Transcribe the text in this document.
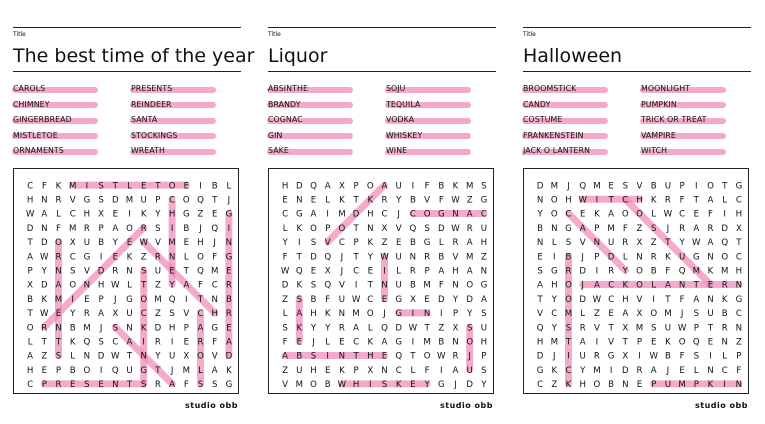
Title
The best time of the year
CAROLS
CHIMNEY
GINGERBREAD
MISTLETOE
ORNAMENTS
PRESENTS
REINDEER
SANTA
STOCKINGS
WREATH
C F K M I S T L E T O E I B L
H N R V G S D M U P C O Q T J
W A L C H X E I K Y H G Z E G
D N F M R P A O R S I B J Q I
T D O X U B Y E W V M E H J N
A W R C G I E K Z R N L O F G
P Y N S V D R N S U E T Q M E
X D A O N H W L T Z Y A F C R
B K M I E P J G O M Q I T N B
T W E Y R A X U C Z S V C H R
O R N B M J S N K D H P A G E
L T T K Q S C A I R I E R F A
A Z S L N D W T N Y U X O V D
H E P B O I Q U G T J M L A K
C P R E S E N T S R A F S S G
studio obb
Title
Liquor
ABSINTHE
BRANDY
COGNAC
GIN
SAKE
SOJU
TEQUILA
VODKA
WHISKEY
WINE
H D Q A X P O A U I F B K M S
E N E L K T K R Y B V F W Z G
C G A I M D H C J C O G N A C
L K O P O T N X V Q S D W R U
Y I S V C P K Z E B G L R A H
F T D Q J T Y W U N R B V M Z
W Q E X J C E I L R P A H A N
D K S Q V I T N U B M F N O G
Z S B F U W C E G X E D Y D A
L A H K N M O J G I N I P Y S
S K Y Y R A L Q D W T Z X S U
F E J L E C K A G I M B N O H
A B S I N T H E Q T O W R J P
Z U H E K P X N C L F I A U S
V M O B W H I S K E Y G J D Y
studio obb
Title
Halloween
BROOMSTICK
CANDY
COSTUME
FRANKENSTEIN
JACK O LANTERN
MOONLIGHT
PUMPKIN
TRICK OR TREAT
VAMPIRE
WITCH
D M J Q M E S V B U P I O T G
N O H W I T C H K R F T A L C
Y O C E K A O O L W C E F I H
B N G A P M F Z S J R A R D X
N L S V N U R X Z T Y W A Q T
E I B J P D L N R K U G N O C
S G R D I R Y O B F Q M K M H
A H O J A C K O L A N T E R N
T Y O D W C H V I T F A N K G
V C M L Z E A X O M J S U B C
Q Y S R V T X M S U W P T R N
H M T A I V T P E K O Q E N Z
D J I U R G X I W B F S I L P
G K C Y M I D R A J E L N C F
C Z K H O B N E P U M P K I N
studio obb
